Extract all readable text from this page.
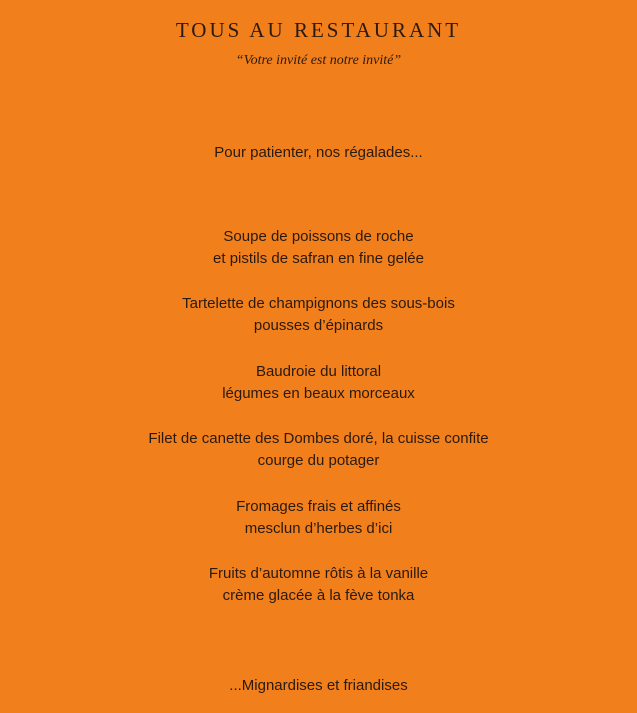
TOUS AU RESTAURANT
“Votre invité est notre invité”
Pour patienter, nos régalades...
Soupe de poissons de roche
et pistils de safran en fine gelée
Tartelette de champignons des sous-bois
pousses d’épinards
Baudroie du littoral
légumes en beaux morceaux
Filet de canette des Dombes doré, la cuisse confite
courge du potager
Fromages frais et affinés
mesclun d’herbes d’ici
Fruits d’automne rôtis à la vanille
crème glacée à la fève tonka
...Mignardises et friandises
